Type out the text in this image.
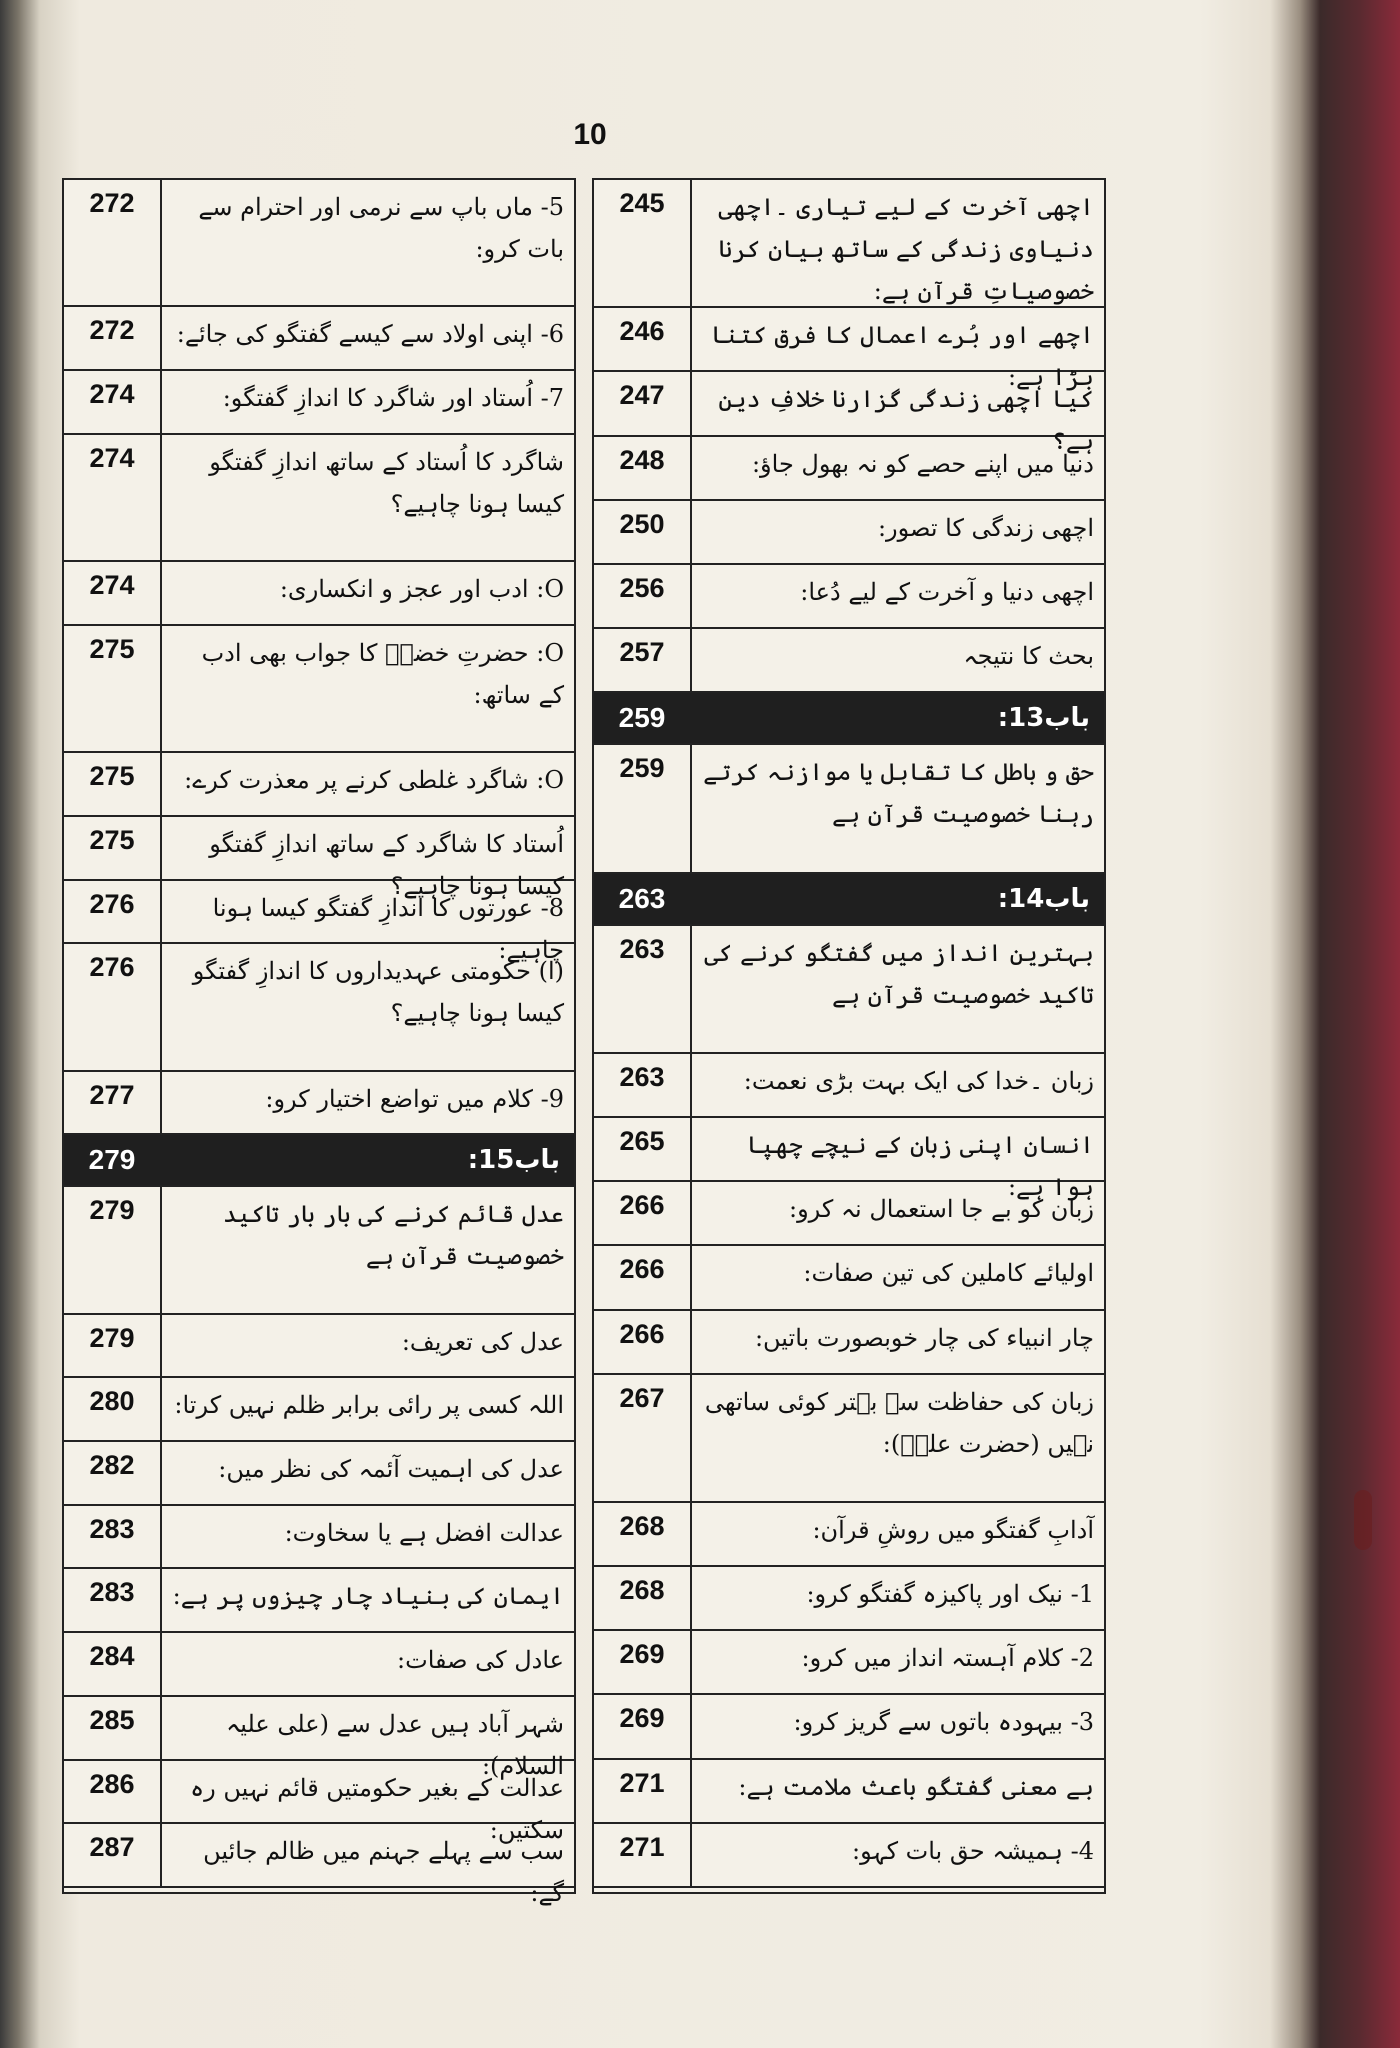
10
5- ماں باپ سے نرمی اور احترام سے بات کرو:
272
6- اپنی اولاد سے کیسے گفتگو کی جائے:
272
7- اُستاد اور شاگرد کا اندازِ گفتگو:
274
شاگرد کا اُستاد کے ساتھ اندازِ گفتگو کیسا ہونا چاہیے؟
274
O: ادب اور عجز و انکساری:
274
O: حضرتِ خضرؑ کا جواب بھی ادب کے ساتھ:
275
O: شاگرد غلطی کرنے پر معذرت کرے:
275
اُستاد کا شاگرد کے ساتھ اندازِ گفتگو کیسا ہونا چاہیے؟
275
8- عورتوں کا اندازِ گفتگو کیسا ہونا چاہیے:
276
(ا) حکومتی عہدیداروں کا اندازِ گفتگو کیسا ہونا چاہیے؟
276
9- کلام میں تواضع اختیار کرو:
277
باب15:
279
عدل قائم کرنے کی بار بار تاکید خصوصیت قرآن ہے
279
عدل کی تعریف:
279
اللہ کسی پر رائی برابر ظلم نہیں کرتا:
280
عدل کی اہمیت آئمہ کی نظر میں:
282
عدالت افضل ہے یا سخاوت:
283
ایمان کی بنیاد چار چیزوں پر ہے:
283
عادل کی صفات:
284
شہر آباد ہیں عدل سے (علی علیہ السلام):
285
عدالت کے بغیر حکومتیں قائم نہیں رہ سکتیں:
286
سب سے پہلے جہنم میں ظالم جائیں گے:
287
اچھی آخرت کے لیے تیاری ۔اچھی دنیاوی زندگی کے ساتھ بیان کرنا خصوصیاتِ قرآن ہے:
245
اچھے اور بُرے اعمال کا فرق کتنا بڑا ہے:
246
کیا اچھی زندگی گزارنا خلافِ دین ہے؟
247
دنیا میں اپنے حصے کو نہ بھول جاؤ:
248
اچھی زندگی کا تصور:
250
اچھی دنیا و آخرت کے لیے دُعا:
256
بحث کا نتیجہ
257
باب13:
259
حق و باطل کا تقابل یا موازنہ کرتے رہنا خصوصیت قرآن ہے
259
باب14:
263
بہترین انداز میں گفتگو کرنے کی تاکید خصوصیت قرآن ہے
263
زبان ۔خدا کی ایک بہت بڑی نعمت:
263
انسان اپنی زبان کے نیچے چھپا ہوا ہے:
265
زبان کو بے جا استعمال نہ کرو:
266
اولیائے کاملین کی تین صفات:
266
چار انبیاء کی چار خوبصورت باتیں:
266
زبان کی حفاظت سے بہتر کوئی ساتھی نہیں (حضرت علیؑ):
267
آدابِ گفتگو میں روشِ قرآن:
268
1- نیک اور پاکیزہ گفتگو کرو:
268
2- کلام آہستہ انداز میں کرو:
269
3- بیہودہ باتوں سے گریز کرو:
269
بے معنی گفتگو باعث ملامت ہے:
271
4- ہمیشہ حق بات کہو:
271
